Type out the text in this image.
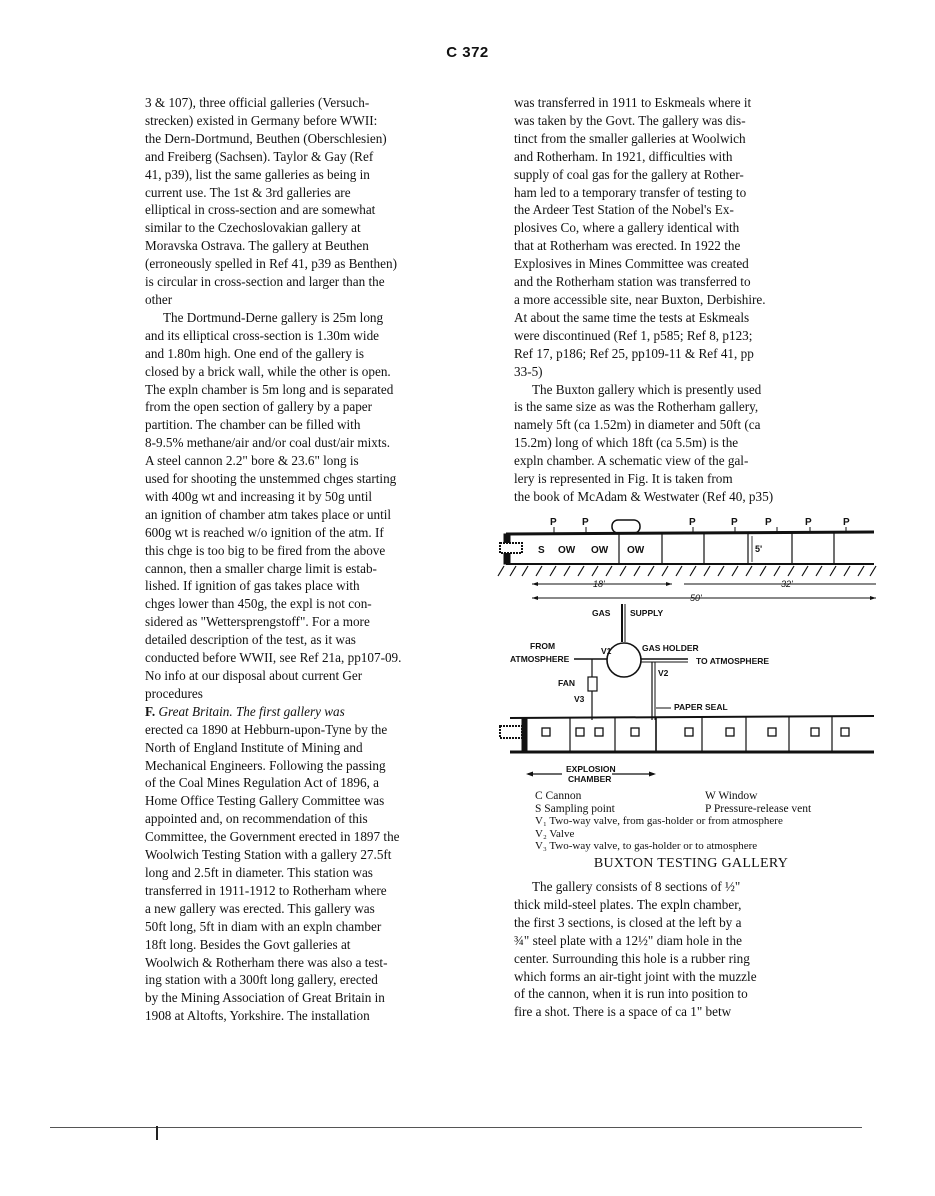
C 372
3 & 107), three official galleries (Versuch-
strecken) existed in Germany before WWII:
the Dern-Dortmund, Beuthen (Oberschlesien)
and Freiberg (Sachsen). Taylor & Gay (Ref
41, p39), list the same galleries as being in
current use. The 1st & 3rd galleries are
elliptical in cross-section and are somewhat
similar to the Czechoslovakian gallery at
Moravska Ostrava. The gallery at Beuthen
(erroneously spelled in Ref 41, p39 as Benthen)
is circular in cross-section and larger than the
other
The Dortmund-Derne gallery is 25m long
and its elliptical cross-section is 1.30m wide
and 1.80m high. One end of the gallery is
closed by a brick wall, while the other is open.
The expln chamber is 5m long and is separated
from the open section of gallery by a paper
partition. The chamber can be filled with
8-9.5% methane/air and/or coal dust/air mixts.
A steel cannon 2.2" bore & 23.6" long is
used for shooting the unstemmed chges starting
with 400g wt and increasing it by 50g until
an ignition of chamber atm takes place or until
600g wt is reached w/o ignition of the atm. If
this chge is too big to be fired from the above
cannon, then a smaller charge limit is estab-
lished. If ignition of gas takes place with
chges lower than 450g, the expl is not con-
sidered as "Wettersprengstoff". For a more
detailed description of the test, as it was
conducted before WWII, see Ref 21a, pp107-09.
No info at our disposal about current Ger
procedures
F. Great Britain. The first gallery was
erected ca 1890 at Hebburn-upon-Tyne by the
North of England Institute of Mining and
Mechanical Engineers. Following the passing
of the Coal Mines Regulation Act of 1896, a
Home Office Testing Gallery Committee was
appointed and, on recommendation of this
Committee, the Government erected in 1897 the
Woolwich Testing Station with a gallery 27.5ft
long and 2.5ft in diameter. This station was
transferred in 1911-1912 to Rotherham where
a new gallery was erected. This gallery was
50ft long, 5ft in diam with an expln chamber
18ft long. Besides the Govt galleries at
Woolwich & Rotherham there was also a test-
ing station with a 300ft long gallery, erected
by the Mining Association of Great Britain in
1908 at Altofts, Yorkshire. The installation
was transferred in 1911 to Eskmeals where it
was taken by the Govt. The gallery was dis-
tinct from the smaller galleries at Woolwich
and Rotherham. In 1921, difficulties with
supply of coal gas for the gallery at Rother-
ham led to a temporary transfer of testing to
the Ardeer Test Station of the Nobel's Ex-
plosives Co, where a gallery identical with
that at Rotherham was erected. In 1922 the
Explosives in Mines Committee was created
and the Rotherham station was transferred to
a more accessible site, near Buxton, Derbishire.
At about the same time the tests at Eskmeals
were discontinued (Ref 1, p585; Ref 8, p123;
Ref 17, p186; Ref 25, pp109-11 & Ref 41, pp
33-5)
The Buxton gallery which is presently used
is the same size as was the Rotherham gallery,
namely 5ft (ca 1.52m) in diameter and 50ft (ca
15.2m) long of which 18ft (ca 5.5m) is the
expln chamber. A schematic view of the gal-
lery is represented in Fig. It is taken from
the book of McAdam & Westwater (Ref 40, p35)
P	P	P	P	P	P	P
S OW OW OW	5'
18'	32'
50'
GAS SUPPLY
FROM
ATMOSPHERE
V1	GAS HOLDER
TO ATMOSPHERE
V2
FAN
V3
PAPER SEAL
EXPLOSION
CHAMBER
C Cannon	W Window
S Sampling point	P Pressure-release vent
V₁ Two-way valve, from gas-holder or from atmosphere
V₂ Valve
V₃ Two-way valve, to gas-holder or to atmosphere
BUXTON TESTING GALLERY
The gallery consists of 8 sections of ½"
thick mild-steel plates. The expln chamber,
the first 3 sections, is closed at the left by a
¾" steel plate with a 12½" diam hole in the
center. Surrounding this hole is a rubber ring
which forms an air-tight joint with the muzzle
of the cannon, when it is run into position to
fire a shot. There is a space of ca 1" betw
